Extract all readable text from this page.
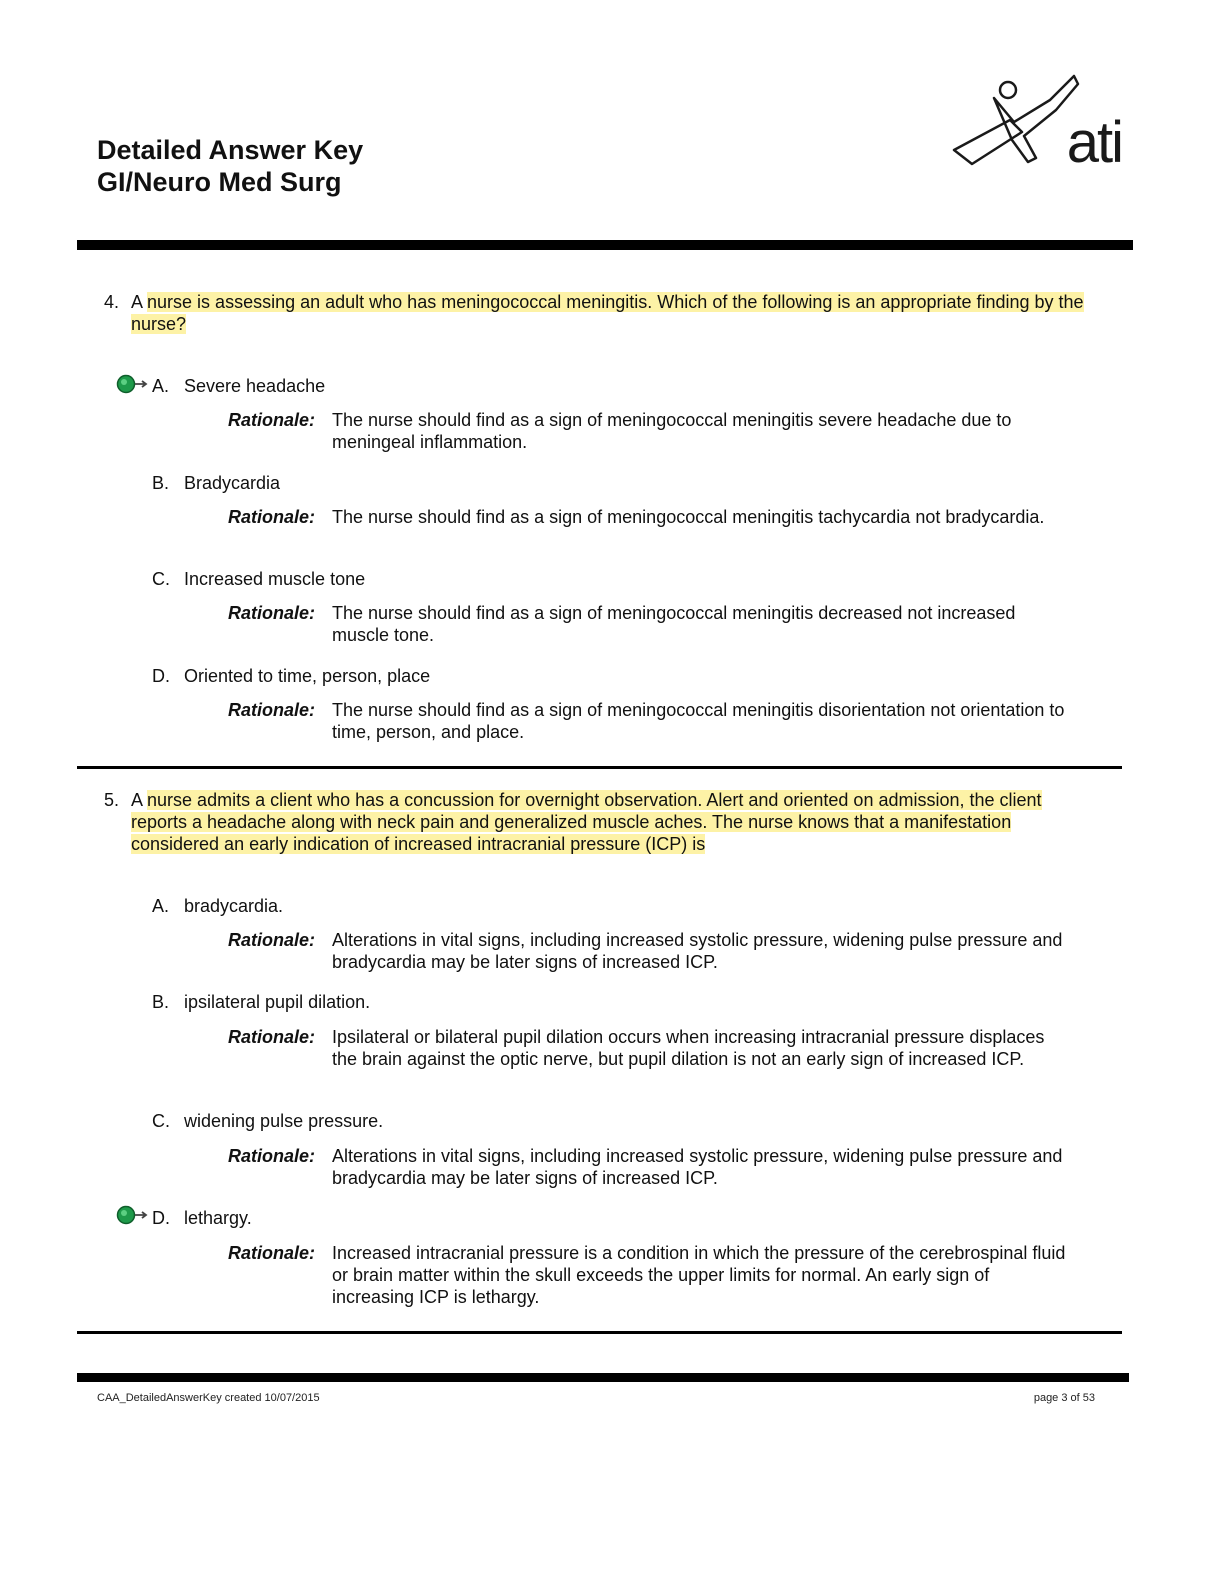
Detailed Answer Key
GI/Neuro Med Surg
ati
4. A nurse is assessing an adult who has meningococcal meningitis. Which of the following is an appropriate finding by the nurse?
A. Severe headache
Rationale: The nurse should find as a sign of meningococcal meningitis severe headache due to meningeal inflammation.
B. Bradycardia
Rationale: The nurse should find as a sign of meningococcal meningitis tachycardia not bradycardia.
C. Increased muscle tone
Rationale: The nurse should find as a sign of meningococcal meningitis decreased not increased muscle tone.
D. Oriented to time, person, place
Rationale: The nurse should find as a sign of meningococcal meningitis disorientation not orientation to time, person, and place.
5. A nurse admits a client who has a concussion for overnight observation. Alert and oriented on admission, the client reports a headache along with neck pain and generalized muscle aches. The nurse knows that a manifestation considered an early indication of increased intracranial pressure (ICP) is
A. bradycardia.
Rationale: Alterations in vital signs, including increased systolic pressure, widening pulse pressure and bradycardia may be later signs of increased ICP.
B. ipsilateral pupil dilation.
Rationale: Ipsilateral or bilateral pupil dilation occurs when increasing intracranial pressure displaces the brain against the optic nerve, but pupil dilation is not an early sign of increased ICP.
C. widening pulse pressure.
Rationale: Alterations in vital signs, including increased systolic pressure, widening pulse pressure and bradycardia may be later signs of increased ICP.
D. lethargy.
Rationale: Increased intracranial pressure is a condition in which the pressure of the cerebrospinal fluid or brain matter within the skull exceeds the upper limits for normal. An early sign of increasing ICP is lethargy.
CAA_DetailedAnswerKey created 10/07/2015	page 3 of 53
